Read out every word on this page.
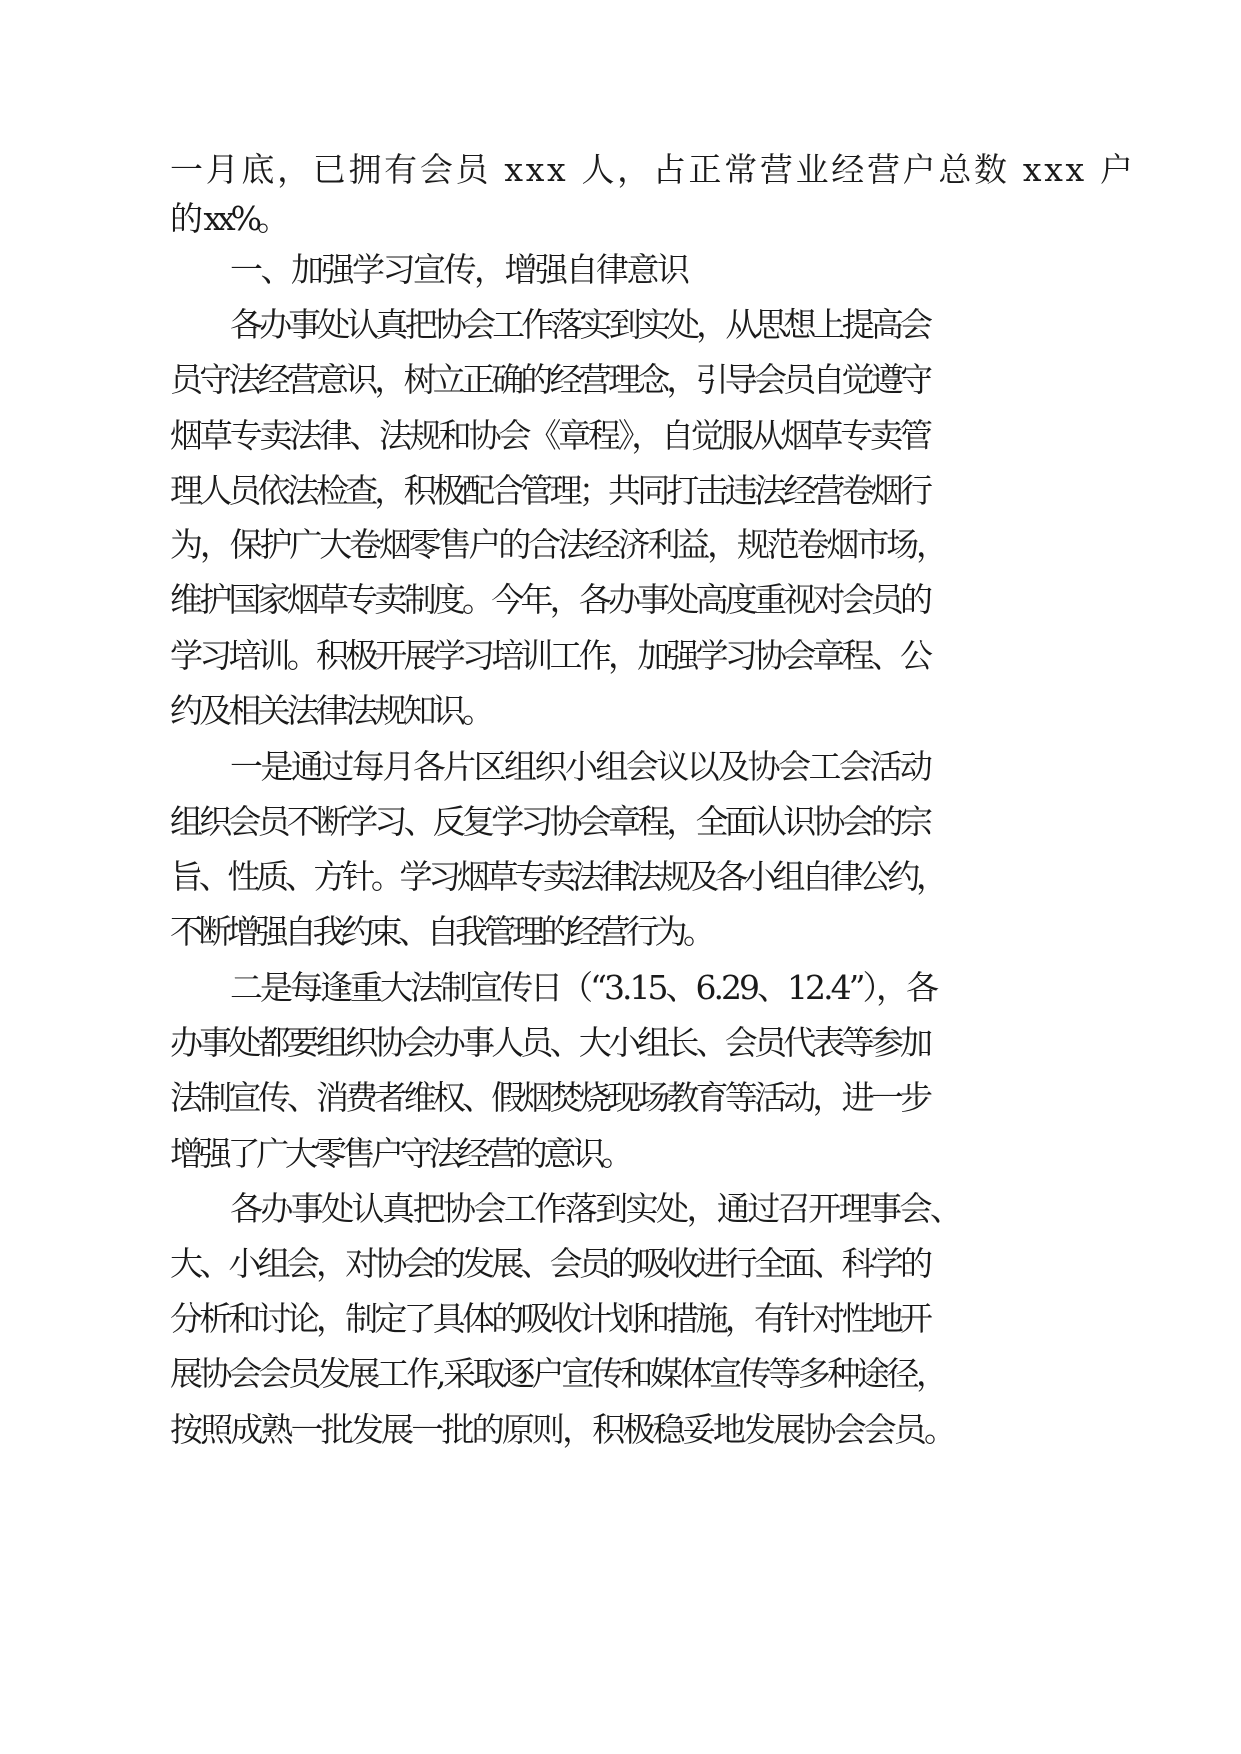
一月底，已拥有会员 xxx 人，占正常营业经营户总数 xxx 户
的 xx%。
一、加强学习宣传，增强自律意识
各办事处认真把协会工作落实到实处，从思想上提高会
员守法经营意识，树立正确的经营理念，引导会员自觉遵守
烟草专卖法律、法规和协会《章程》，自觉服从烟草专卖管
理人员依法检查，积极配合管理；共同打击违法经营卷烟行
为，保护广大卷烟零售户的合法经济利益，规范卷烟市场，
维护国家烟草专卖制度。今年，各办事处高度重视对会员的
学习培训。积极开展学习培训工作，加强学习协会章程、公
约及相关法律法规知识。
一是通过每月各片区组织小组会议以及协会工会活动
组织会员不断学习、反复学习协会章程，全面认识协会的宗
旨、性质、方针。学习烟草专卖法律法规及各小组自律公约，
不断增强自我约束、自我管理的经营行为。
二是每逢重大法制宣传日（“3.15、6.29、12.4”），各
办事处都要组织协会办事人员、大小组长、会员代表等参加
法制宣传、消费者维权、假烟焚烧现场教育等活动，进一步
增强了广大零售户守法经营的意识。
各办事处认真把协会工作落到实处，通过召开理事会、
大、小组会，对协会的发展、会员的吸收进行全面、科学的
分析和讨论，制定了具体的吸收计划和措施，有针对性地开
展协会会员发展工作,采取逐户宣传和媒体宣传等多种途径，
按照成熟一批发展一批的原则，积极稳妥地发展协会会员。
